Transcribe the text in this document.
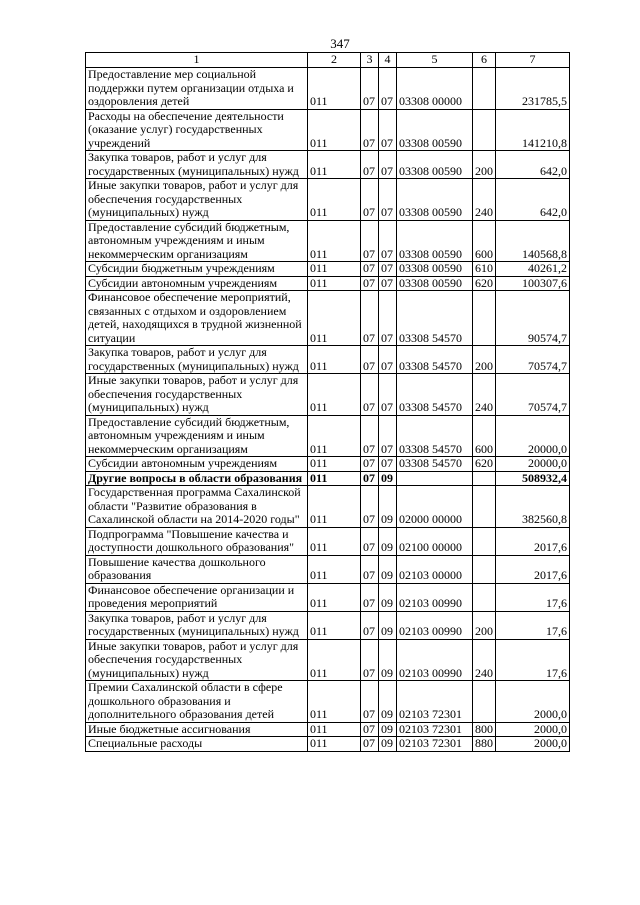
347
1	2	3	4	5	6	7
Предоставление мер социальной поддержки путем организации отдыха и оздоровления детей	011	07	07	03308 00000		231785,5
Расходы на обеспечение деятельности (оказание услуг) государственных учреждений	011	07	07	03308 00590		141210,8
Закупка товаров, работ и услуг для государственных (муниципальных) нужд	011	07	07	03308 00590	200	642,0
Иные закупки товаров, работ и услуг для обеспечения государственных (муниципальных) нужд	011	07	07	03308 00590	240	642,0
Предоставление субсидий бюджетным, автономным учреждениям и иным некоммерческим организациям	011	07	07	03308 00590	600	140568,8
Субсидии бюджетным учреждениям	011	07	07	03308 00590	610	40261,2
Субсидии автономным учреждениям	011	07	07	03308 00590	620	100307,6
Финансовое обеспечение мероприятий, связанных с отдыхом и оздоровлением детей, находящихся в трудной жизненной ситуации	011	07	07	03308 54570		90574,7
Закупка товаров, работ и услуг для государственных (муниципальных) нужд	011	07	07	03308 54570	200	70574,7
Иные закупки товаров, работ и услуг для обеспечения государственных (муниципальных) нужд	011	07	07	03308 54570	240	70574,7
Предоставление субсидий бюджетным, автономным учреждениям и иным некоммерческим организациям	011	07	07	03308 54570	600	20000,0
Субсидии автономным учреждениям	011	07	07	03308 54570	620	20000,0
Другие вопросы в области образования	011	07	09			508932,4
Государственная программа Сахалинской области "Развитие образования в Сахалинской области на 2014-2020 годы"	011	07	09	02000 00000		382560,8
Подпрограмма "Повышение качества и доступности дошкольного образования"	011	07	09	02100 00000		2017,6
Повышение качества дошкольного образования	011	07	09	02103 00000		2017,6
Финансовое обеспечение организации и проведения мероприятий	011	07	09	02103 00990		17,6
Закупка товаров, работ и услуг для государственных (муниципальных) нужд	011	07	09	02103 00990	200	17,6
Иные закупки товаров, работ и услуг для обеспечения государственных (муниципальных) нужд	011	07	09	02103 00990	240	17,6
Премии Сахалинской области в сфере дошкольного образования и дополнительного образования детей	011	07	09	02103 72301		2000,0
Иные бюджетные ассигнования	011	07	09	02103 72301	800	2000,0
Специальные расходы	011	07	09	02103 72301	880	2000,0
